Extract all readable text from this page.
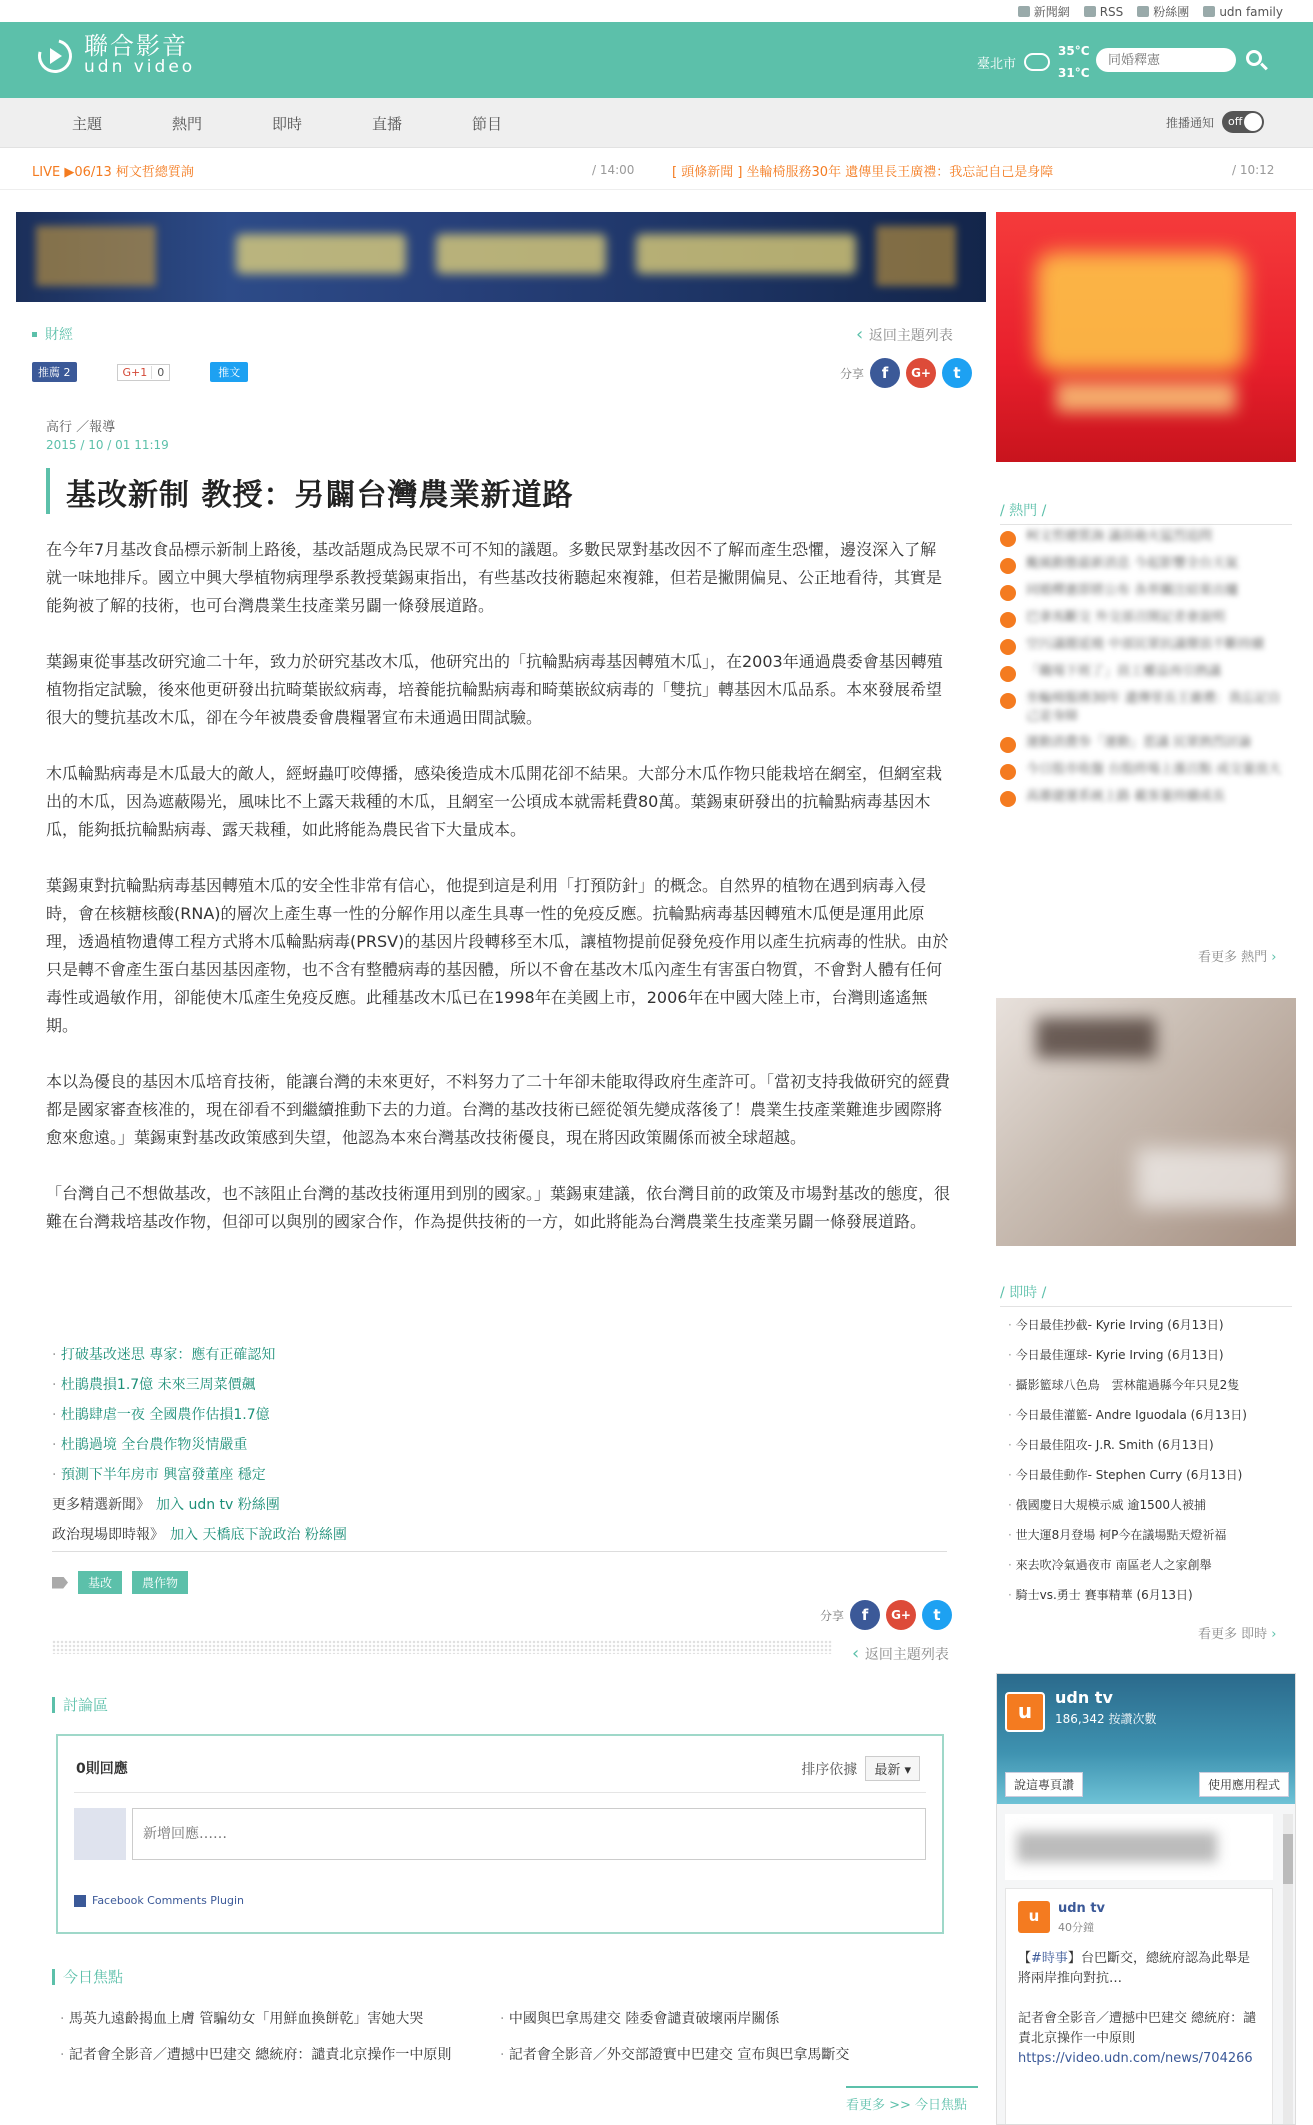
新聞網	RSS	粉絲團	udn family
聯合影音
udn video	臺北市
35°C
31°C
同婚釋憲
主題	熱門	即時	直播	節目	推播通知	off
LIVE ▶06/13 柯文哲總質詢	/ 14:00	[ 頭條新聞 ] 坐輪椅服務30年 遺傳里長王廣禮：我忘記自己是身障	/ 10:12
財經	‹ 返回主題列表
推薦 2	G+1 0	推文	分享	f	G+	t
高行 ／報導
2015 / 10 / 01 11:19
基改新制 教授：另闢台灣農業新道路

在今年7月基改食品標示新制上路後，基改話題成為民眾不可不知的議題。多數民眾對基改因不了解而產生恐懼，邊沒深入了解就一味地排斥。國立中興大學植物病理學系教授葉錫東指出，有些基改技術聽起來複雜，但若是撇開偏見、公正地看待，其實是能夠被了解的技術，也可台灣農業生技產業另闢一條發展道路。

葉錫東從事基改研究逾二十年，致力於研究基改木瓜，他研究出的「抗輪點病毒基因轉殖木瓜」，在2003年通過農委會基因轉殖植物指定試驗，後來他更研發出抗畸葉嵌紋病毒，培養能抗輪點病毒和畸葉嵌紋病毒的「雙抗」轉基因木瓜品系。本來發展希望很大的雙抗基改木瓜，卻在今年被農委會農糧署宣布未通過田間試驗。

木瓜輪點病毒是木瓜最大的敵人，經蚜蟲叮咬傳播，感染後造成木瓜開花卻不結果。大部分木瓜作物只能栽培在網室，但網室栽出的木瓜，因為遮蔽陽光，風味比不上露天栽種的木瓜，且網室一公頃成本就需耗費80萬。葉錫東研發出的抗輪點病毒基因木瓜，能夠抵抗輪點病毒、露天栽種，如此將能為農民省下大量成本。

葉錫東對抗輪點病毒基因轉殖木瓜的安全性非常有信心，他提到這是利用「打預防針」的概念。自然界的植物在遇到病毒入侵時，會在核糖核酸(RNA)的層次上產生專一性的分解作用以產生具專一性的免疫反應。抗輪點病毒基因轉殖木瓜便是運用此原理，透過植物遺傳工程方式將木瓜輪點病毒(PRSV)的基因片段轉移至木瓜，讓植物提前促發免疫作用以產生抗病毒的性狀。由於只是轉不會產生蛋白基因基因產物，也不含有整體病毒的基因體，所以不會在基改木瓜內產生有害蛋白物質，不會對人體有任何毒性或過敏作用，卻能使木瓜產生免疫反應。此種基改木瓜已在1998年在美國上市，2006年在中國大陸上市，台灣則遙遙無期。

本以為優良的基因木瓜培育技術，能讓台灣的未來更好，不料努力了二十年卻未能取得政府生產許可。「當初支持我做研究的經費都是國家審查核准的，現在卻看不到繼續推動下去的力道。台灣的基改技術已經從領先變成落後了！農業生技產業難進步國際將愈來愈遠。」葉錫東對基改政策感到失望，他認為本來台灣基改技術優良，現在將因政策關係而被全球超越。

「台灣自己不想做基改，也不該阻止台灣的基改技術運用到別的國家。」葉錫東建議，依台灣目前的政策及市場對基改的態度，很難在台灣栽培基改作物，但卻可以與別的國家合作，作為提供技術的一方，如此將能為台灣農業生技產業另闢一條發展道路。

· 打破基改迷思 專家：應有正確認知
· 杜鵑農損1.7億 未來三周菜價飆
· 杜鵑肆虐一夜 全國農作估損1.7億
· 杜鵑過境 全台農作物災情嚴重
· 預測下半年房市 興富發董座 穩定
更多精選新聞》 加入 udn tv 粉絲團
政治現場即時報》 加入 天橋底下說政治 粉絲團
基改	農作物
分享	f	G+	t
‹ 返回主題列表
討論區
0則回應	排序依據	最新 ▾
新增回應……
Facebook Comments Plugin
今日焦點
· 馬英九遠齡揭血上膚 管騙幼女「用鮮血換餅乾」害她大哭	· 中國與巴拿馬建交 陸委會譴責破壞兩岸關係
· 記者會全影音／遭撼中巴建交 總統府：譴責北京操作一中原則	· 記者會全影音／外交部證實中巴建交 宣布與巴拿馬斷交
看更多 >> 今日焦點
/ 熱門 /
柯文哲總質詢 議員砲火猛烈追問
颱風動態最新消息 今起影響全台天氣
同婚釋憲即將公布 各界關注結果出爐
巴拿馬斷交 外交部召開記者會說明
空污議題延燒 中部民眾抗議聲浪不斷持續
「職場下班了」員工權益再引熱議
坐輪椅服務30年 遺傳里長王廣禮：我忘記自己是身障
運動消費券「運動」惹議 民眾熱烈討論
今日股市收盤 台股終場上漲百點 成交量放大
高雄捷運系統上路 載客量持續成長
看更多 熱門 ›
/ 即時 /
· 今日最佳抄截- Kyrie Irving (6月13日)
· 今日最佳運球- Kyrie Irving (6月13日)
· 攝影籃球八色鳥　雲林龍過縣今年只見2隻
· 今日最佳灌籃- Andre Iguodala (6月13日)
· 今日最佳阻攻- J.R. Smith (6月13日)
· 今日最佳動作- Stephen Curry (6月13日)
· 俄國慶日大規模示威 逾1500人被捕
· 世大運8月登場 柯P今在議場點天燈祈福
· 來去吹冷氣過夜市 南區老人之家創舉
· 騎士vs.勇士 賽事精華 (6月13日)
看更多 即時 ›
u
udn tv
186,342 按讚次數
說這專頁讚	使用應用程式
u	udn tv
40分鐘
【#時事】台巴斷交，總統府認為此舉是將兩岸推向對抗…

記者會全影音／遭撼中巴建交 總統府：譴責北京操作一中原則
https://video.udn.com/news/704266
